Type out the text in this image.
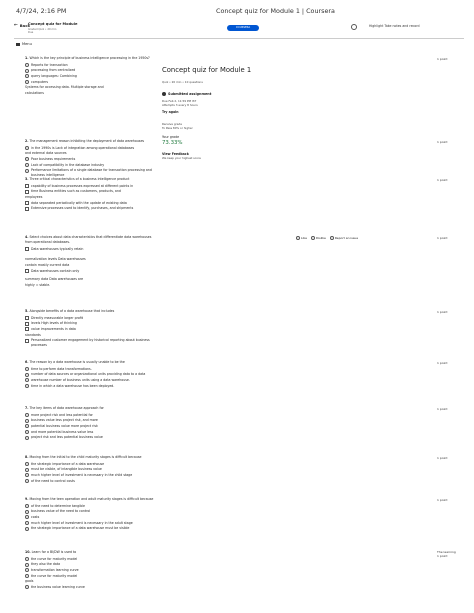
4/7/24, 2:16 PM	Concept quiz for Module 1 | Coursera
← Back
Concept quiz for Module
Graded Quiz • 20 min
Due
COURSERA	Highlight Take notes and record
Menu
Concept quiz for Module 1
Quiz • 20 min • 10 questions
Submitted assignment
Due Feb 2, 11:59 PM IST
Attempts 3 every 8 hours
Try again
Receive grade
To Pass 80% or higher
Your grade
73.33%
View Feedback
We keep your highest score
Like	Dislike	Report an issue
1.Which is the key principle of business intelligence processing in the 1950s?
Reports for transaction
processing from centralized
query languages: Combining
computers
Systems for accessing data. Multiple storage and
calculations
1 point
2.The management reason inhibiting the deployment of data warehouses
in the 1990s is Lack of integration among operational databases
and external data sources
Poor business requirements
Lack of compatibility in the database industry
Performance limitations of a single database for transaction processing and business intelligence
1 point
3.Three critical characteristics of a business intelligence product
capability of business processes expressed at different points in
time Business entities such as customers, products, and
employees
data separated periodically with the update of existing data
Extensive processes used to identify, purchases, and shipments
1 point
4.Select choices about data characteristics that differentiate data warehouses from operational databases.
Data warehouses typically retain
normalization levels Data warehouses
contain mostly current data
Data warehouses contain only
summary data Data warehouses are
highly = stable.
1 point
5.Alongside benefits of a data warehouse that includes
Directly measurable larger profit
levels High levels of thinking
value improvements in data
standards
Personalized customer engagement by historical reporting about business processes
1 point
6.The reason by a data warehouse is usually unable to be the
time to perform data transformations.
number of data sources or organizational units providing data to a data
warehouse number of business units using a data warehouse.
time in which a data warehouse has been deployed.
1 point
7.The key items of data warehouse approach for
more project risk and less potential for
business value less project risk, and more
potential business value more project risk
and more potential business value less
project risk and less potential business value
1 point
8.Moving from the initial to the child maturity stages is difficult because
the strategic importance of a data warehouse
must be visible, of intangible business value
much higher level of investment is necessary in the child stage
of the need to control costs
1 point
9.Moving from the teen operation and adult maturity stages is difficult because
of the need to determine tangible
business value of the need to control
costs
much higher level of investment is necessary in the adult stage
the strategic importance of a data warehouse must be visible
1 point
10.Learn for a BI/DW is used to
the curve for maturity model
they also the data
transformation learning curve
the curve for maturity model
goals
the business value learning curve
The learning
1 point
